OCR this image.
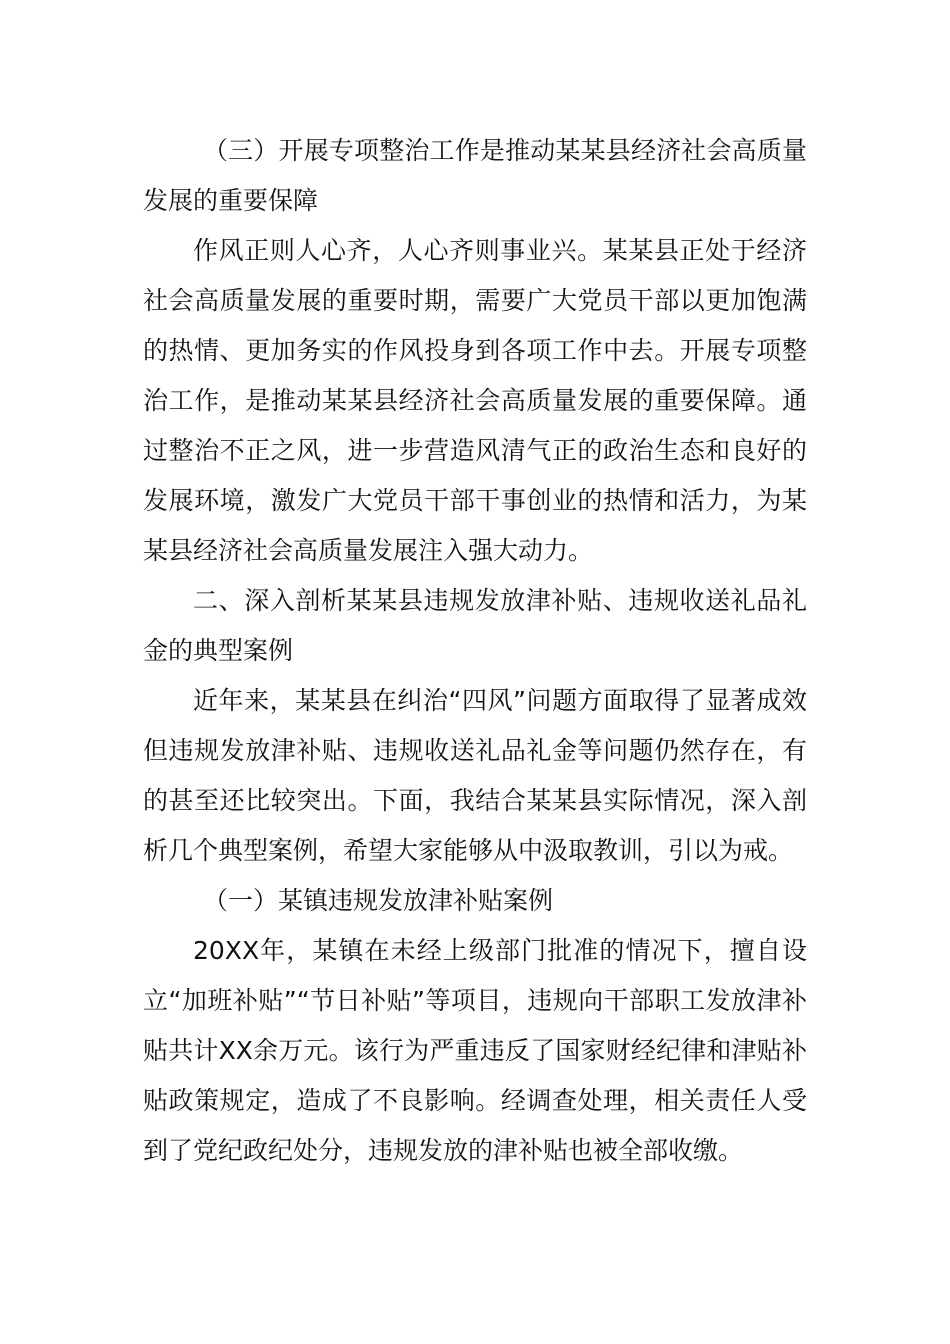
（三）开展专项整治工作是推动某某县经济社会高质量发展的重要保障

作风正则人心齐，人心齐则事业兴。某某县正处于经济社会高质量发展的重要时期，需要广大党员干部以更加饱满的热情、更加务实的作风投身到各项工作中去。开展专项整治工作，是推动某某县经济社会高质量发展的重要保障。通过整治不正之风，进一步营造风清气正的政治生态和良好的发展环境，激发广大党员干部干事创业的热情和活力，为某某县经济社会高质量发展注入强大动力。

二、深入剖析某某县违规发放津补贴、违规收送礼品礼金的典型案例

近年来，某某县在纠治“四风”问题方面取得了显著成效但违规发放津补贴、违规收送礼品礼金等问题仍然存在，有的甚至还比较突出。下面，我结合某某县实际情况，深入剖析几个典型案例，希望大家能够从中汲取教训，引以为戒。

（一）某镇违规发放津补贴案例

20XX年，某镇在未经上级部门批准的情况下，擅自设立“加班补贴”“节日补贴”等项目，违规向干部职工发放津补贴共计XX余万元。该行为严重违反了国家财经纪律和津贴补贴政策规定，造成了不良影响。经调查处理，相关责任人受到了党纪政纪处分，违规发放的津补贴也被全部收缴。
